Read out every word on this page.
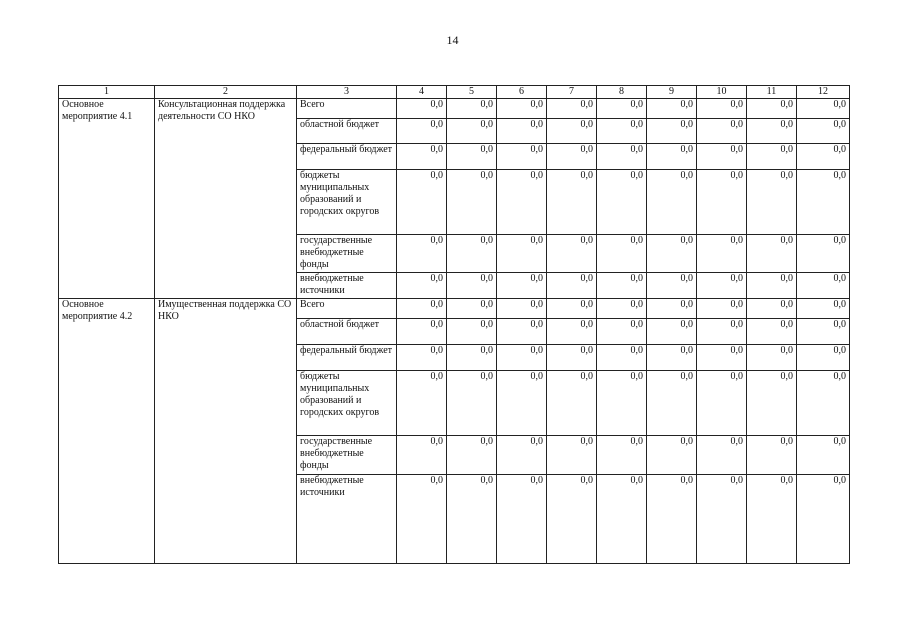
14
1	2	3	4	5	6	7	8	9	10	11	12
Основное мероприятие 4.1	Консультационная поддержка деятельности СО НКО	Всего	0,0	0,0	0,0	0,0	0,0	0,0	0,0	0,0	0,0
		областной бюджет	0,0	0,0	0,0	0,0	0,0	0,0	0,0	0,0	0,0
		федеральный бюджет	0,0	0,0	0,0	0,0	0,0	0,0	0,0	0,0	0,0
		бюджеты муниципальных образований и городских округов	0,0	0,0	0,0	0,0	0,0	0,0	0,0	0,0	0,0
		государственные внебюджетные фонды	0,0	0,0	0,0	0,0	0,0	0,0	0,0	0,0	0,0
		внебюджетные источники	0,0	0,0	0,0	0,0	0,0	0,0	0,0	0,0	0,0
Основное мероприятие 4.2	Имущественная поддержка СО НКО	Всего	0,0	0,0	0,0	0,0	0,0	0,0	0,0	0,0	0,0
		областной бюджет	0,0	0,0	0,0	0,0	0,0	0,0	0,0	0,0	0,0
		федеральный бюджет	0,0	0,0	0,0	0,0	0,0	0,0	0,0	0,0	0,0
		бюджеты муниципальных образований и городских округов	0,0	0,0	0,0	0,0	0,0	0,0	0,0	0,0	0,0
		государственные внебюджетные фонды	0,0	0,0	0,0	0,0	0,0	0,0	0,0	0,0	0,0
		внебюджетные источники	0,0	0,0	0,0	0,0	0,0	0,0	0,0	0,0	0,0
